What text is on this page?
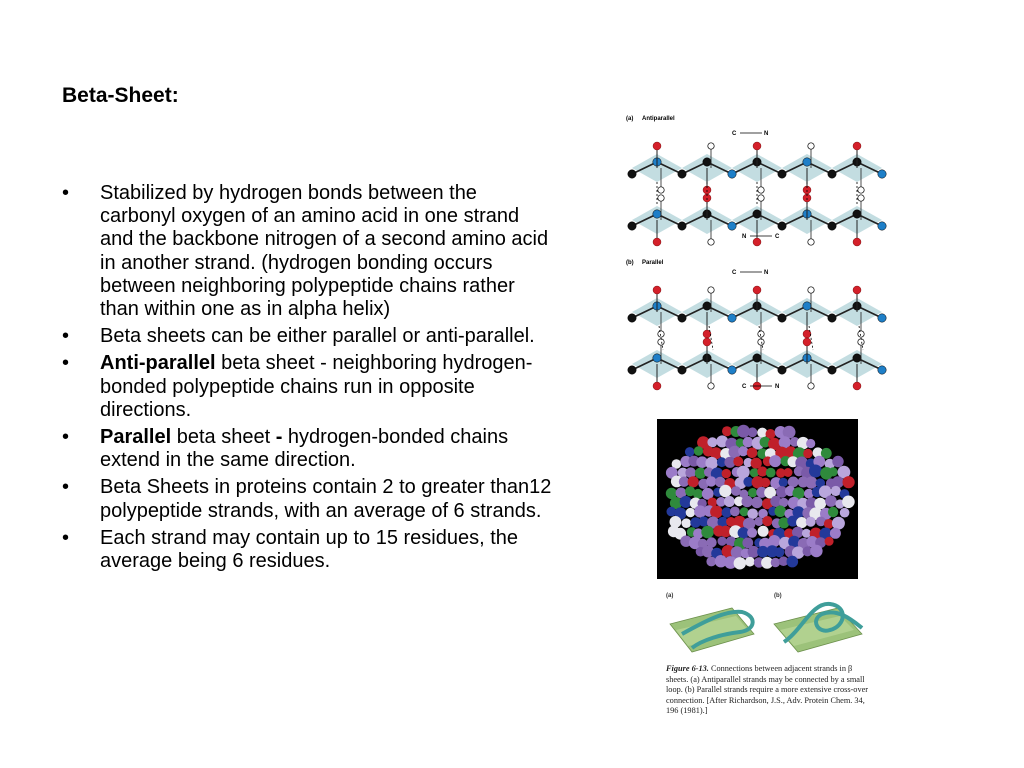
Beta-Sheet:
• Stabilized by hydrogen bonds between the carbonyl oxygen of an amino acid in one strand and the backbone nitrogen of a second amino acid in another strand. (hydrogen bonding occurs between neighboring polypeptide chains rather than within one as in alpha helix)
• Beta sheets can be either parallel or anti-parallel.
• Anti-parallel beta sheet - neighboring hydrogen-bonded polypeptide chains run in opposite directions.
• Parallel beta sheet - hydrogen-bonded chains extend in the same direction.
• Beta Sheets in proteins contain 2 to greater than12 polypeptide strands, with an average of 6 strands.
• Each strand may contain up to 15 residues, the average being 6 residues.
(a) Antiparallel
C	N
N	C
(b) Parallel
C	N
C	N
(a)	(b)
Figure 6-13. Connections between adjacent strands in β sheets. (a) Antiparallel strands may be connected by a small loop. (b) Parallel strands require a more extensive cross-over connection. [After Richardson, J.S., Adv. Protein Chem. 34, 196 (1981).]
